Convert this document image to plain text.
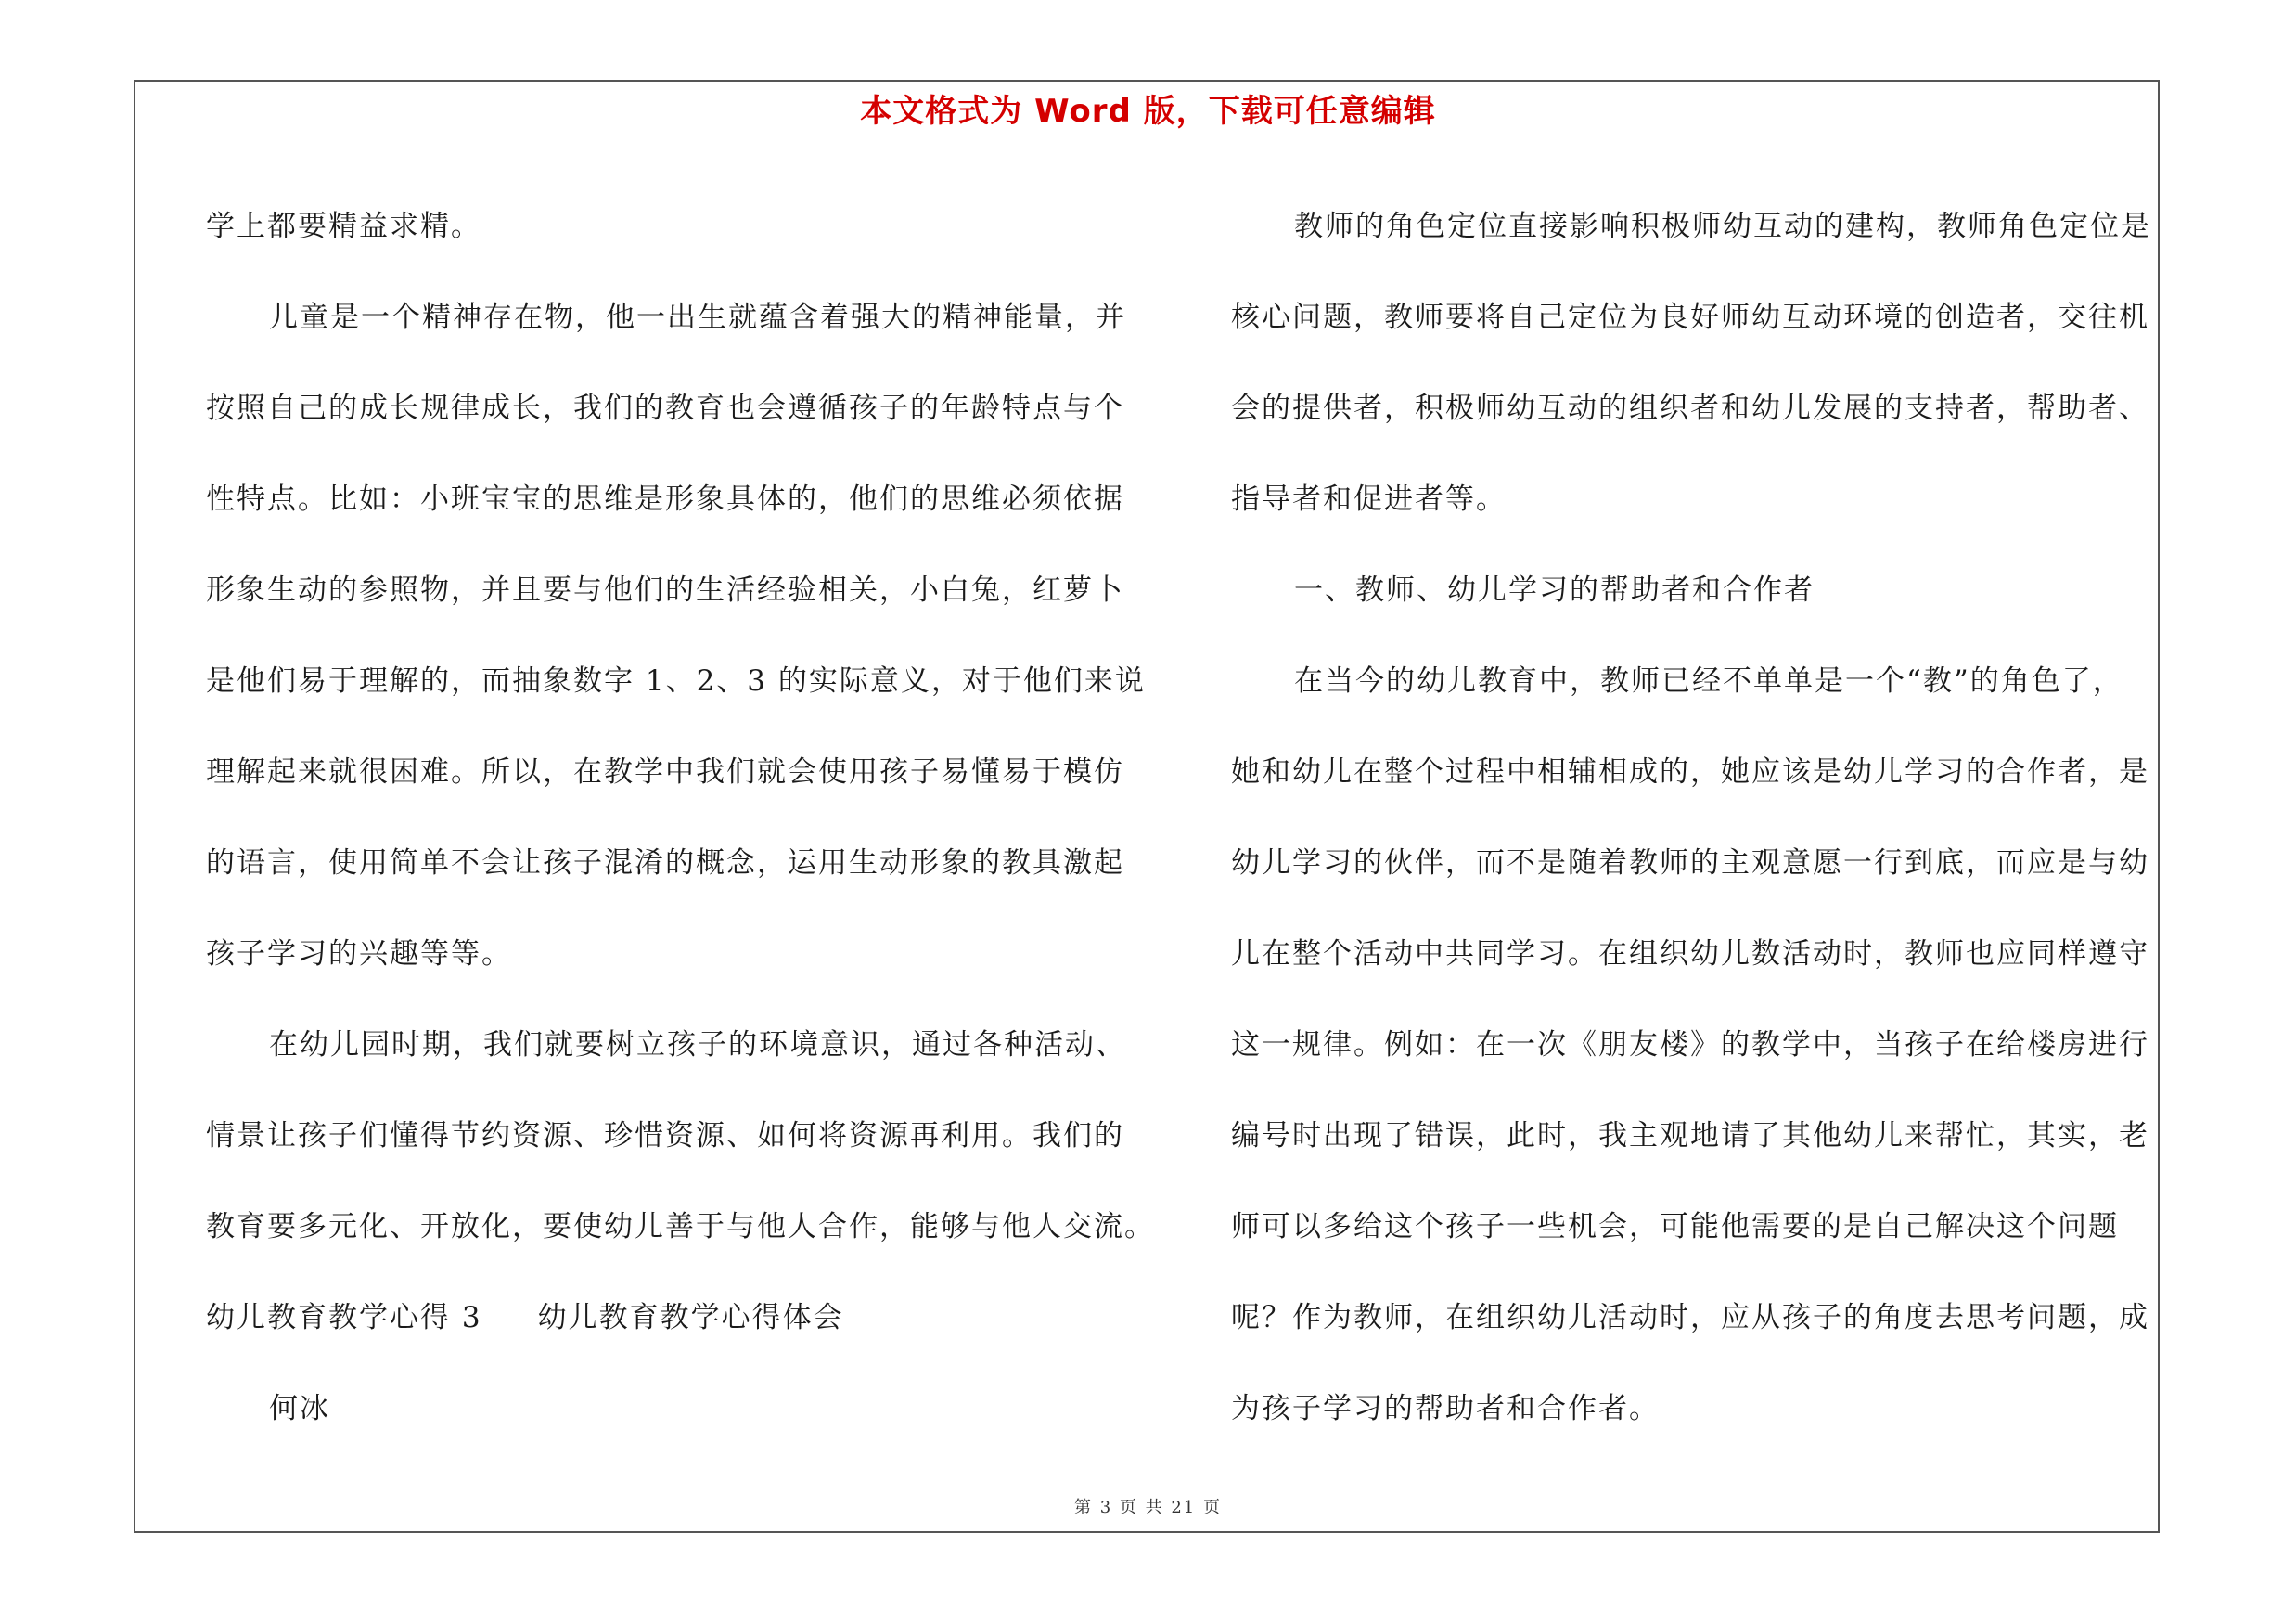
本文格式为 Word 版，下载可任意编辑
学上都要精益求精。
儿童是一个精神存在物，他一出生就蕴含着强大的精神能量，并
按照自己的成长规律成长，我们的教育也会遵循孩子的年龄特点与个
性特点。比如：小班宝宝的思维是形象具体的，他们的思维必须依据
形象生动的参照物，并且要与他们的生活经验相关，小白兔，红萝卜
是他们易于理解的，而抽象数字 1、2、3 的实际意义，对于他们来说
理解起来就很困难。所以，在教学中我们就会使用孩子易懂易于模仿
的语言，使用简单不会让孩子混淆的概念，运用生动形象的教具激起
孩子学习的兴趣等等。
在幼儿园时期，我们就要树立孩子的环境意识，通过各种活动、
情景让孩子们懂得节约资源、珍惜资源、如何将资源再利用。我们的
教育要多元化、开放化，要使幼儿善于与他人合作，能够与他人交流。
幼儿教育教学心得 3 幼儿教育教学心得体会
何冰
教师的角色定位直接影响积极师幼互动的建构，教师角色定位是
核心问题，教师要将自己定位为良好师幼互动环境的创造者，交往机
会的提供者，积极师幼互动的组织者和幼儿发展的支持者，帮助者、
指导者和促进者等。
一、教师、幼儿学习的帮助者和合作者
在当今的幼儿教育中，教师已经不单单是一个“教”的角色了，
她和幼儿在整个过程中相辅相成的，她应该是幼儿学习的合作者，是
幼儿学习的伙伴，而不是随着教师的主观意愿一行到底，而应是与幼
儿在整个活动中共同学习。在组织幼儿数活动时，教师也应同样遵守
这一规律。例如：在一次《朋友楼》的教学中，当孩子在给楼房进行
编号时出现了错误，此时，我主观地请了其他幼儿来帮忙，其实，老
师可以多给这个孩子一些机会，可能他需要的是自己解决这个问题
呢？作为教师，在组织幼儿活动时，应从孩子的角度去思考问题，成
为孩子学习的帮助者和合作者。
第 3 页 共 21 页
